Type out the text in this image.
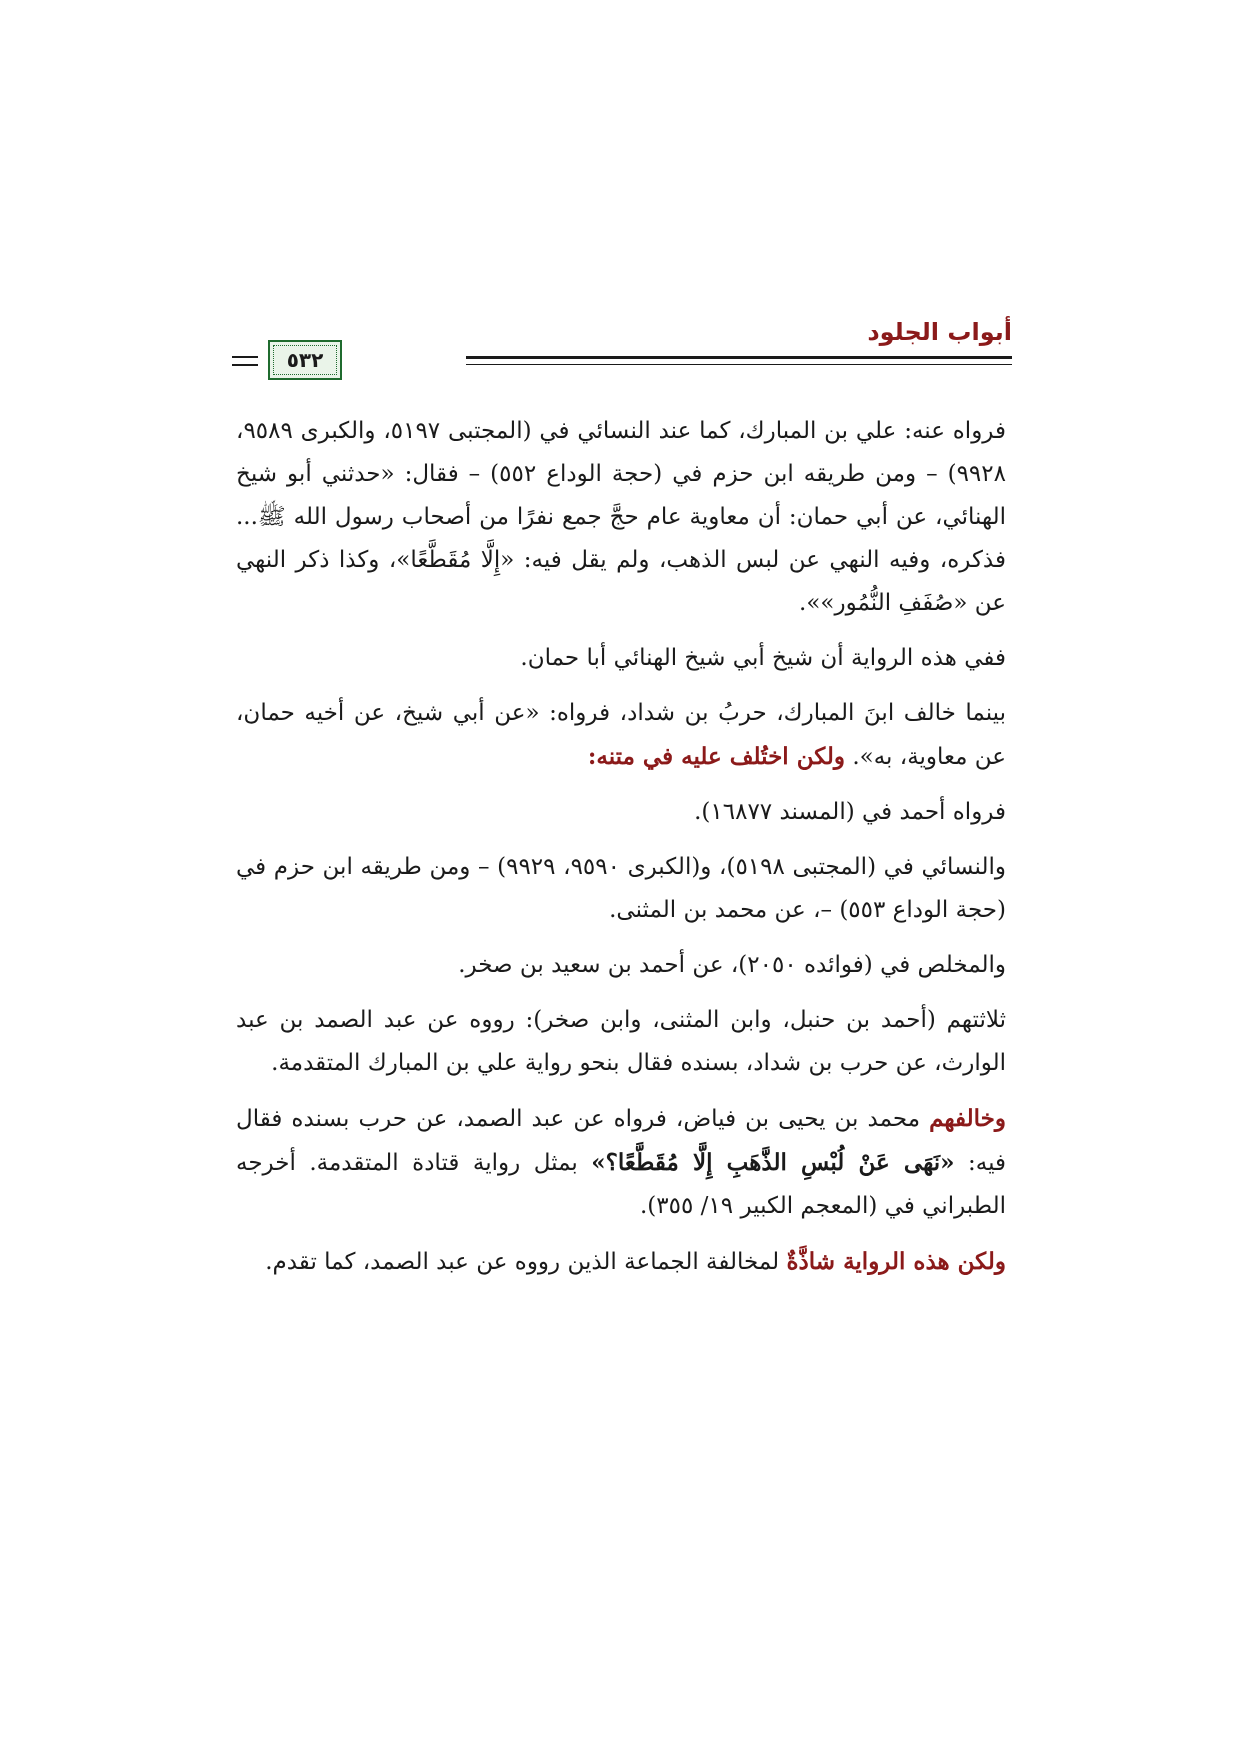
أبواب الجلود
٥٣٢

فرواه عنه: علي بن المبارك، كما عند النسائي في (المجتبى ٥١٩٧، والكبرى ٩٥٨٩، ٩٩٢٨) – ومن طريقه ابن حزم في (حجة الوداع ٥٥٢) – فقال: «حدثني أبو شيخ الهنائي، عن أبي حمان: أن معاوية عام حجَّ جمع نفرًا من أصحاب رسول الله ﷺ... فذكره، وفيه النهي عن لبس الذهب، ولم يقل فيه: «إِلَّا مُقَطَّعًا»، وكذا ذكر النهي عن «صُفَفِ النُّمُور»».

ففي هذه الرواية أن شيخ أبي شيخ الهنائي أبا حمان.

بينما خالف ابنَ المبارك، حربُ بن شداد، فرواه: «عن أبي شيخ، عن أخيه حمان، عن معاوية، به». ولكن اختُلف عليه في متنه:

فرواه أحمد في (المسند ١٦٨٧٧).

والنسائي في (المجتبى ٥١٩٨)، و(الكبرى ٩٥٩٠، ٩٩٢٩) – ومن طريقه ابن حزم في (حجة الوداع ٥٥٣) –، عن محمد بن المثنى.

والمخلص في (فوائده ٢٠٥٠)، عن أحمد بن سعيد بن صخر.

ثلاثتهم (أحمد بن حنبل، وابن المثنى، وابن صخر): رووه عن عبد الصمد بن عبد الوارث، عن حرب بن شداد، بسنده فقال بنحو رواية علي بن المبارك المتقدمة.

وخالفهم محمد بن يحيى بن فياض، فرواه عن عبد الصمد، عن حرب بسنده فقال فيه: «نَهَى عَنْ لُبْسِ الذَّهَبِ إِلَّا مُقَطَّعًا؟» بمثل رواية قتادة المتقدمة. أخرجه الطبراني في (المعجم الكبير ١٩/ ٣٥٥).

ولكن هذه الرواية شاذَّةٌ لمخالفة الجماعة الذين رووه عن عبد الصمد، كما تقدم.
